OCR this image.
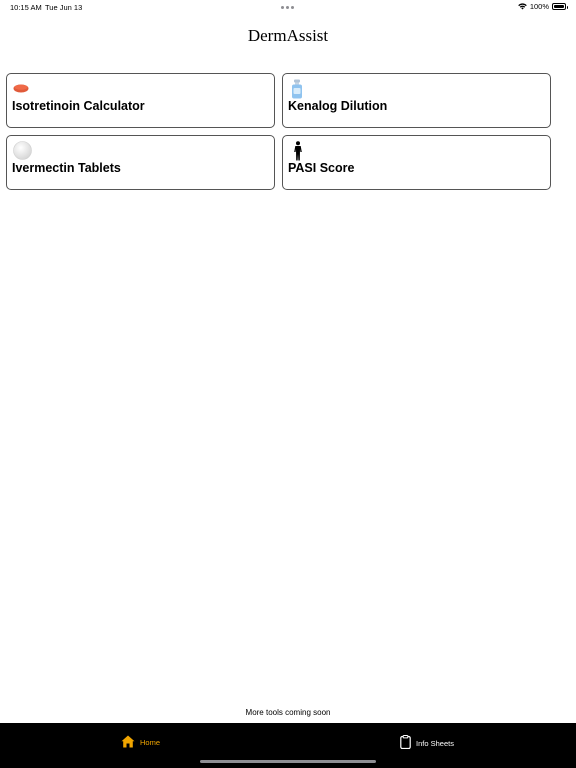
10:15 AM Tue Jun 13	100%
DermAssist
Isotretinoin Calculator	Kenalog Dilution
Ivermectin Tablets	PASI Score
More tools coming soon
Home	Info Sheets
